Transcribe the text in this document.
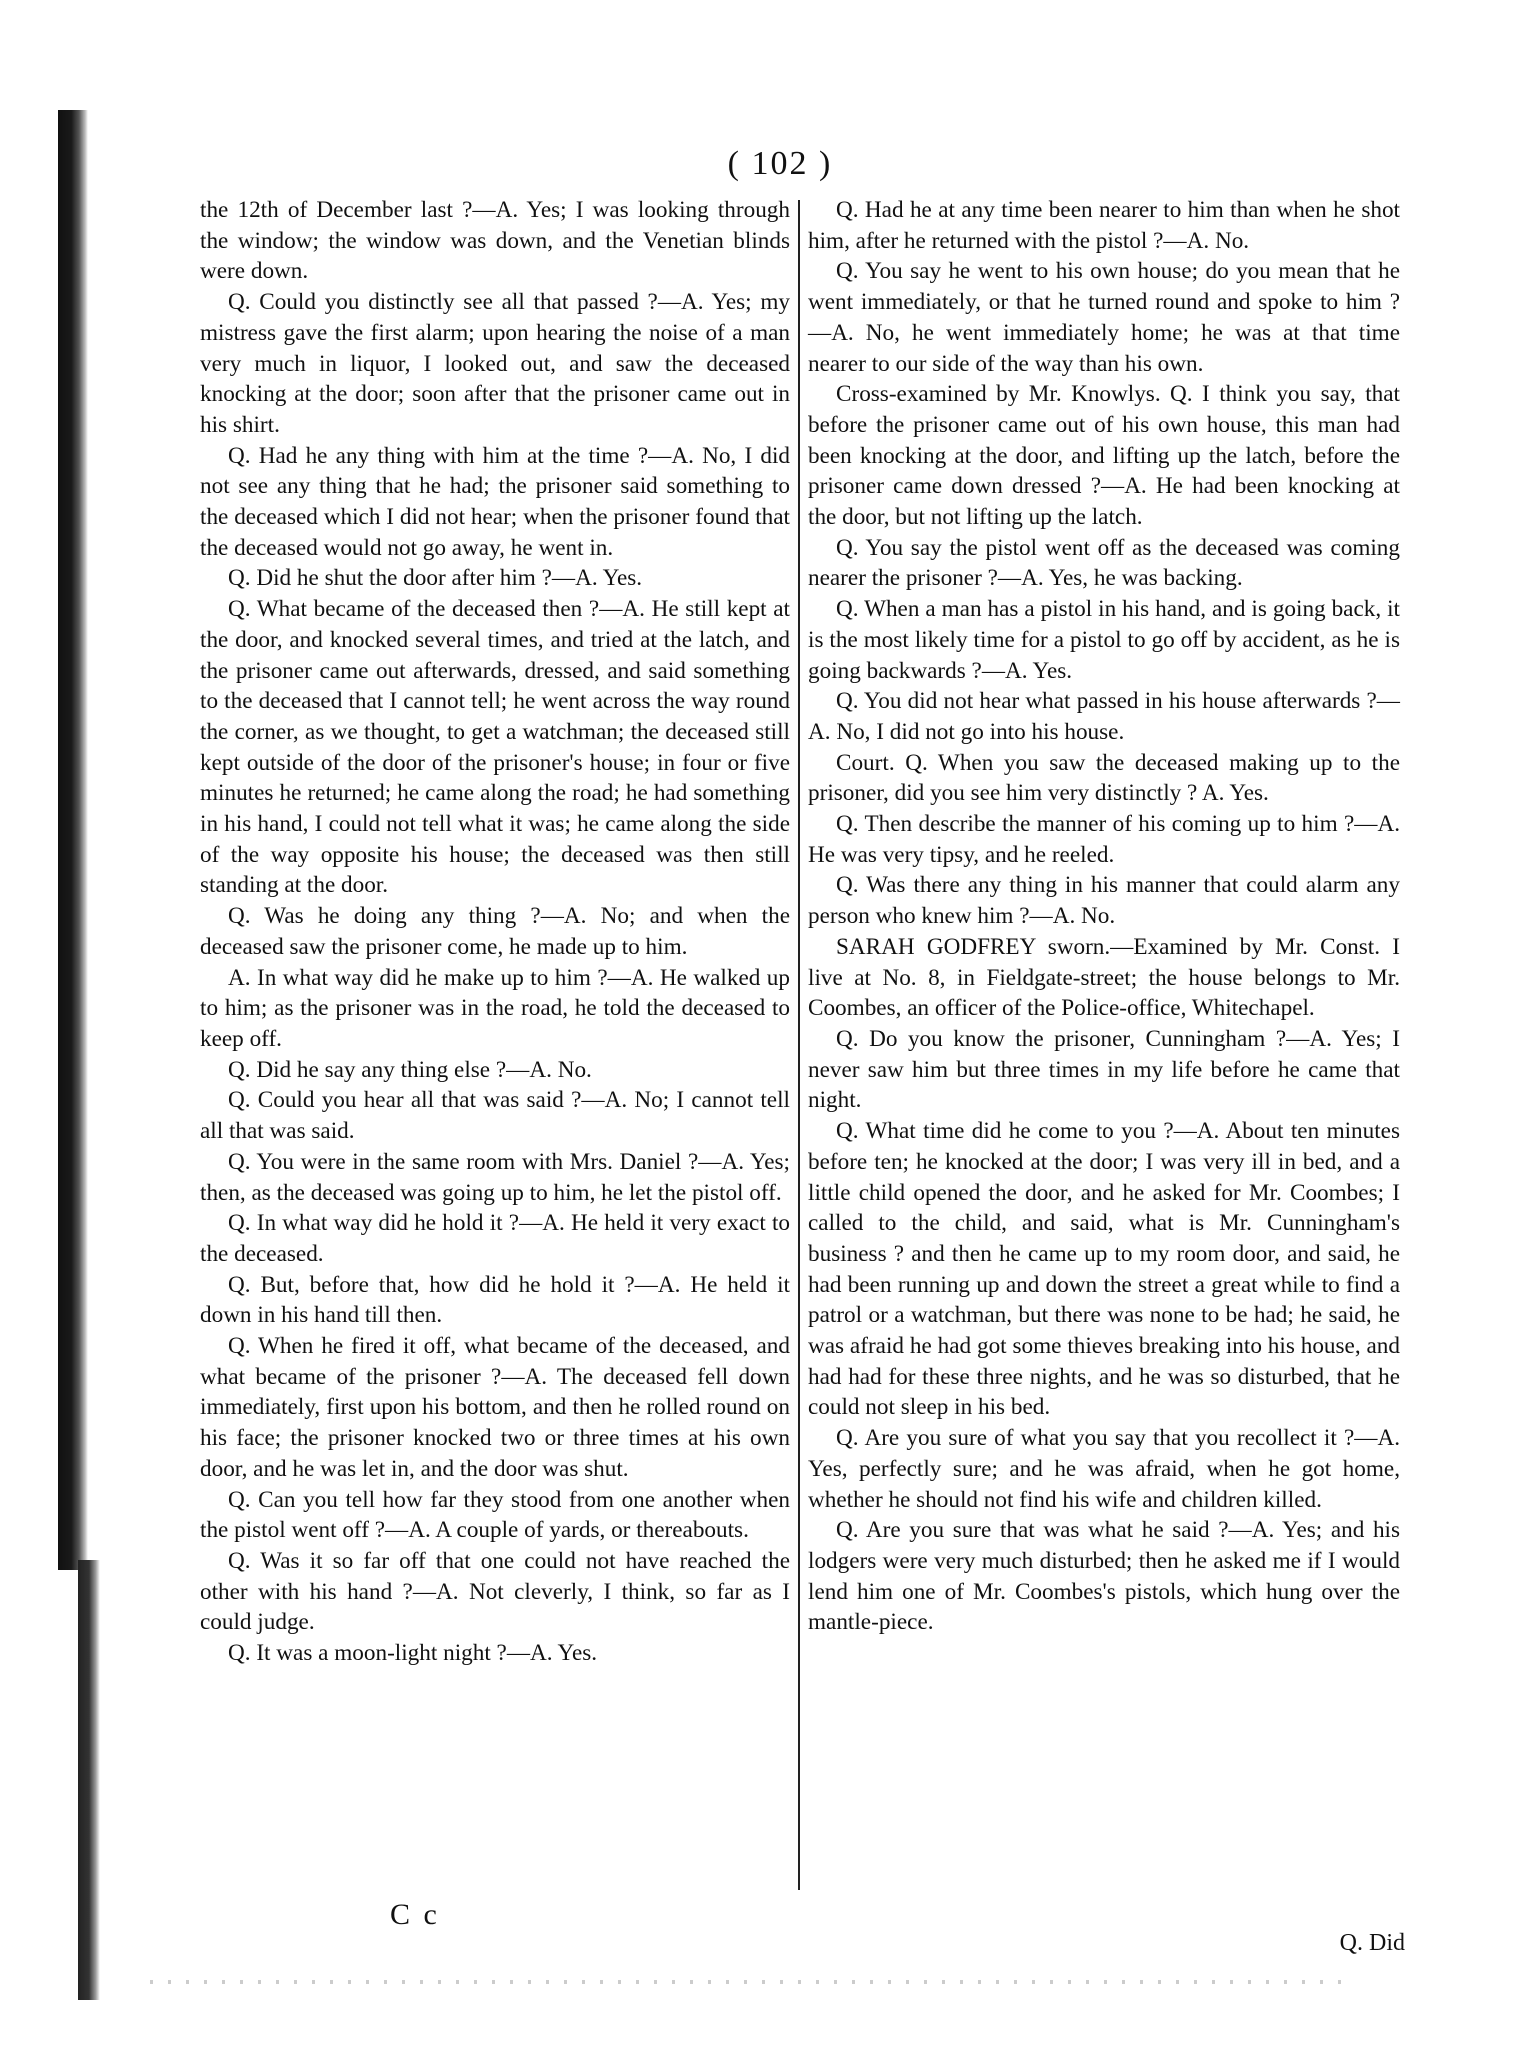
( 102 )

the 12th of December last ?—A. Yes; I was looking through the window; the window was down, and the Venetian blinds were down.

Q. Could you distinctly see all that passed ?—A. Yes; my mistress gave the first alarm; upon hearing the noise of a man very much in liquor, I looked out, and saw the deceased knocking at the door; soon after that the prisoner came out in his shirt.

Q. Had he any thing with him at the time ?—A. No, I did not see any thing that he had; the prisoner said something to the deceased which I did not hear; when the prisoner found that the deceased would not go away, he went in.

Q. Did he shut the door after him ?—A. Yes.

Q. What became of the deceased then ?—A. He still kept at the door, and knocked several times, and tried at the latch, and the prisoner came out afterwards, dressed, and said something to the deceased that I cannot tell; he went across the way round the corner, as we thought, to get a watchman; the deceased still kept outside of the door of the prisoner's house; in four or five minutes he returned; he came along the road; he had something in his hand, I could not tell what it was; he came along the side of the way opposite his house; the deceased was then still standing at the door.

Q. Was he doing any thing ?—A. No; and when the deceased saw the prisoner come, he made up to him.

A. In what way did he make up to him ?—A. He walked up to him; as the prisoner was in the road, he told the deceased to keep off.

Q. Did he say any thing else ?—A. No.

Q. Could you hear all that was said ?—A. No; I cannot tell all that was said.

Q. You were in the same room with Mrs. Daniel ?—A. Yes; then, as the deceased was going up to him, he let the pistol off.

Q. In what way did he hold it ?—A. He held it very exact to the deceased.

Q. But, before that, how did he hold it ?—A. He held it down in his hand till then.

Q. When he fired it off, what became of the deceased, and what became of the prisoner ?—A. The deceased fell down immediately, first upon his bottom, and then he rolled round on his face; the prisoner knocked two or three times at his own door, and he was let in, and the door was shut.

Q. Can you tell how far they stood from one another when the pistol went off ?—A. A couple of yards, or thereabouts.

Q. Was it so far off that one could not have reached the other with his hand ?—A. Not cleverly, I think, so far as I could judge.

Q. It was a moon-light night ?—A. Yes.

Q. Had he at any time been nearer to him than when he shot him, after he returned with the pistol ?—A. No.

Q. You say he went to his own house; do you mean that he went immediately, or that he turned round and spoke to him ?—A. No, he went immediately home; he was at that time nearer to our side of the way than his own.

Cross-examined by Mr. Knowlys. Q. I think you say, that before the prisoner came out of his own house, this man had been knocking at the door, and lifting up the latch, before the prisoner came down dressed ?—A. He had been knocking at the door, but not lifting up the latch.

Q. You say the pistol went off as the deceased was coming nearer the prisoner ?—A. Yes, he was backing.

Q. When a man has a pistol in his hand, and is going back, it is the most likely time for a pistol to go off by accident, as he is going backwards ?—A. Yes.

Q. You did not hear what passed in his house afterwards ?—A. No, I did not go into his house.

Court. Q. When you saw the deceased making up to the prisoner, did you see him very distinctly ? A. Yes.

Q. Then describe the manner of his coming up to him ?—A. He was very tipsy, and he reeled.

Q. Was there any thing in his manner that could alarm any person who knew him ?—A. No.

SARAH GODFREY sworn.—Examined by Mr. Const. I live at No. 8, in Fieldgate-street; the house belongs to Mr. Coombes, an officer of the Police-office, Whitechapel.

Q. Do you know the prisoner, Cunningham ?—A. Yes; I never saw him but three times in my life before he came that night.

Q. What time did he come to you ?—A. About ten minutes before ten; he knocked at the door; I was very ill in bed, and a little child opened the door, and he asked for Mr. Coombes; I called to the child, and said, what is Mr. Cunningham's business ? and then he came up to my room door, and said, he had been running up and down the street a great while to find a patrol or a watchman, but there was none to be had; he said, he was afraid he had got some thieves breaking into his house, and had had for these three nights, and he was so disturbed, that he could not sleep in his bed.

Q. Are you sure of what you say that you recollect it ?—A. Yes, perfectly sure; and he was afraid, when he got home, whether he should not find his wife and children killed.

Q. Are you sure that was what he said ?—A. Yes; and his lodgers were very much disturbed; then he asked me if I would lend him one of Mr. Coombes's pistols, which hung over the mantle-piece.

C c
Q. Did
